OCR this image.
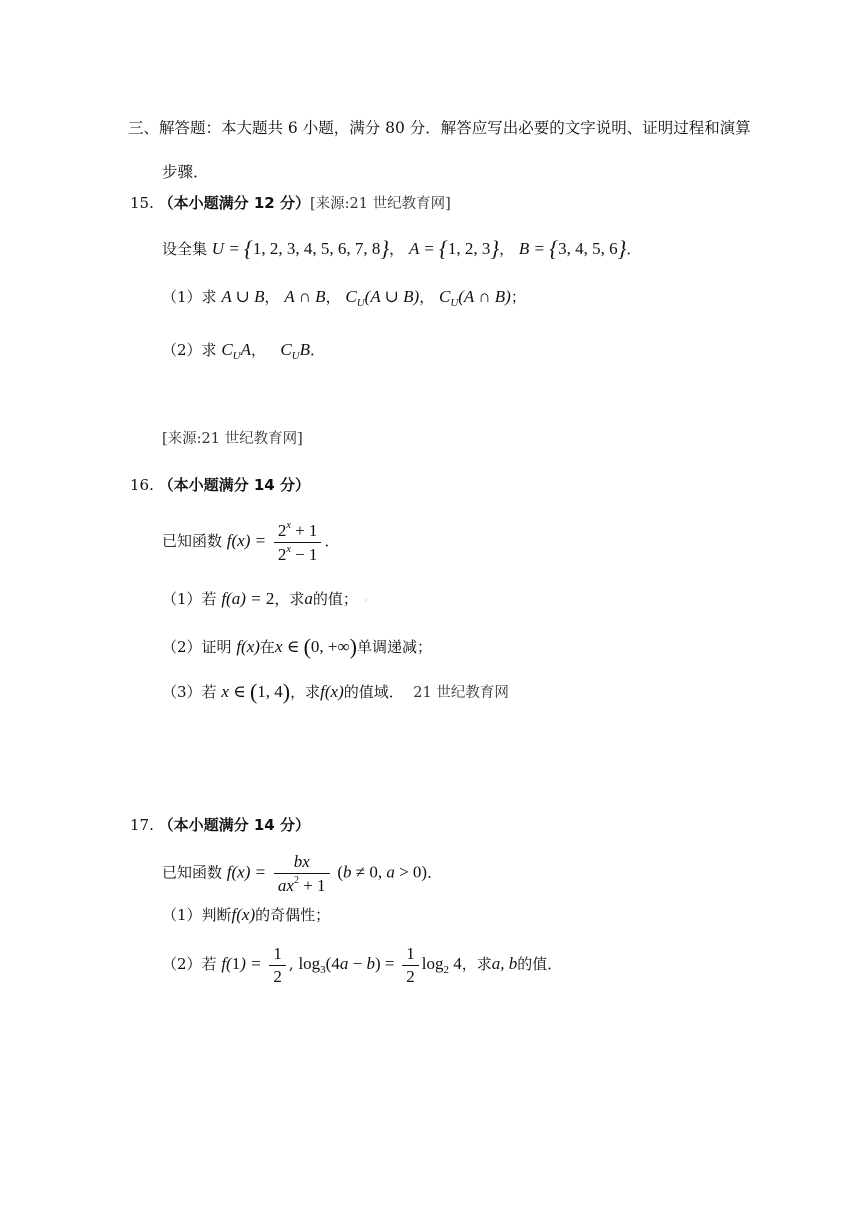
三、解答题：本大题共 6 小题，满分 80 分．解答应写出必要的文字说明、证明过程和演算
步骤．
15. （本小题满分 12 分）[来源:21 世纪教育网]
设全集 U = {1, 2, 3, 4, 5, 6, 7, 8}， A = {1, 2, 3}， B = {3, 4, 5, 6}．
（1）求 A ∪ B， A ∩ B， $C_U(A$ ∪ B)， $C_U(A$ ∩ B)；
（2）求 $C_UA$，   $C_UB$．
[来源:21 世纪教育网]
16. （本小题满分 14 分）
已知函数 $f(x) = \frac{2^x + 1}{2^x - 1}$ ．
（1）若 f(a) = 2，求a的值； ◦
（2）证明 f(x)在x ∈ (0, +∞)单调递减；
（3）若 x ∈ (1, 4)，求f(x)的值域． 21 世纪教育网
17. （本小题满分 14 分）
已知函数 $f(x) = \frac{bx}{ax^2 + 1} (b \ne 0$, a > 0)．
（1）判断f(x)的奇偶性；
（2）若 $f(1) = \frac{1}{2}$ , $\log_3(4a - b) = \frac{1}{2} \log_2 4$，求a, b的值．
